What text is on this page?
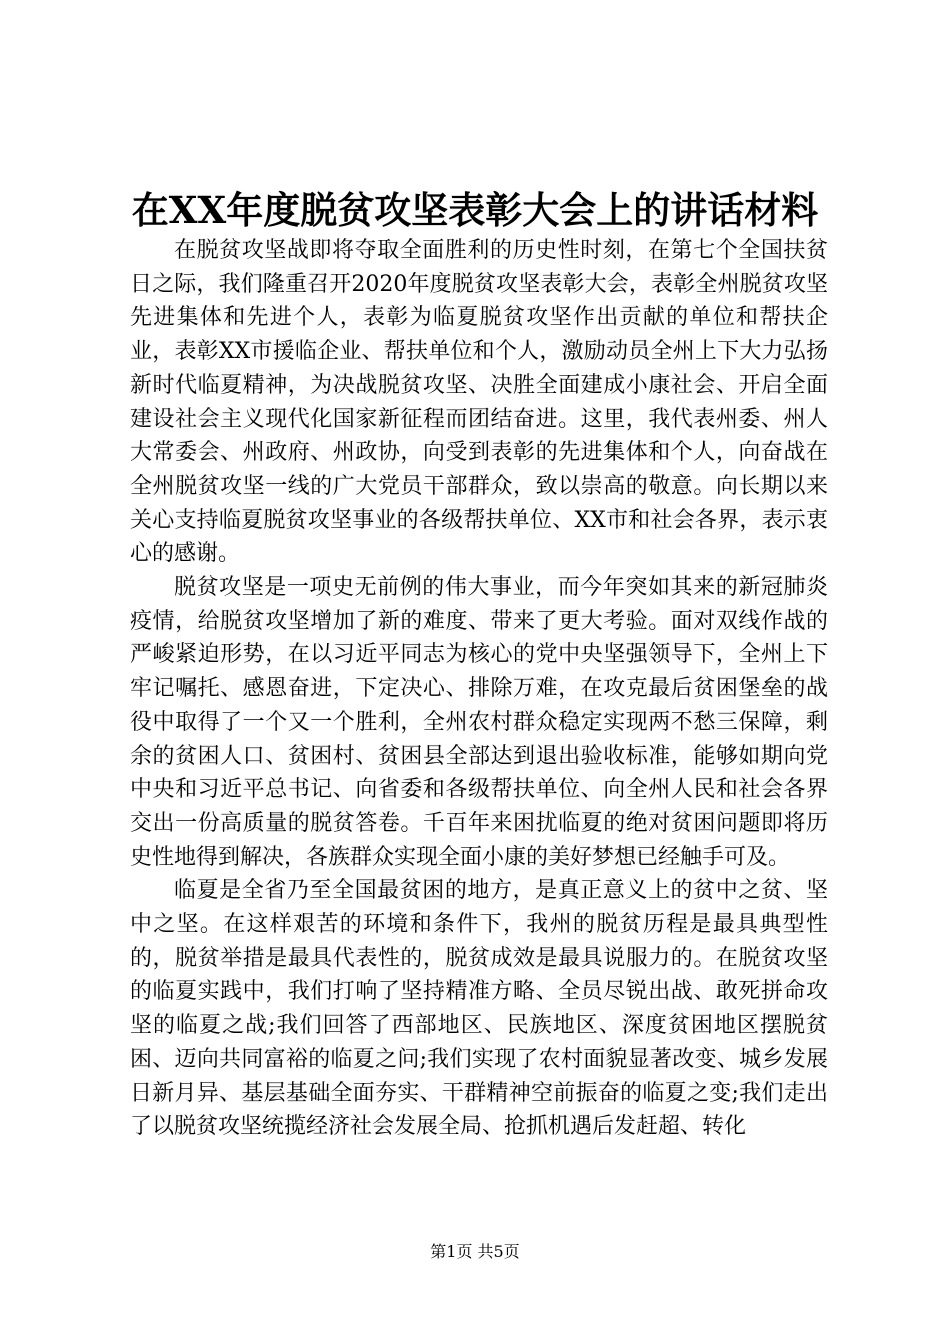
在XX年度脱贫攻坚表彰大会上的讲话材料

在脱贫攻坚战即将夺取全面胜利的历史性时刻，在第七个全国扶贫日之际，我们隆重召开2020年度脱贫攻坚表彰大会，表彰全州脱贫攻坚先进集体和先进个人，表彰为临夏脱贫攻坚作出贡献的单位和帮扶企业，表彰XX市援临企业、帮扶单位和个人，激励动员全州上下大力弘扬新时代临夏精神，为决战脱贫攻坚、决胜全面建成小康社会、开启全面建设社会主义现代化国家新征程而团结奋进。这里，我代表州委、州人大常委会、州政府、州政协，向受到表彰的先进集体和个人，向奋战在全州脱贫攻坚一线的广大党员干部群众，致以崇高的敬意。向长期以来关心支持临夏脱贫攻坚事业的各级帮扶单位、XX市和社会各界，表示衷心的感谢。

脱贫攻坚是一项史无前例的伟大事业，而今年突如其来的新冠肺炎疫情，给脱贫攻坚增加了新的难度、带来了更大考验。面对双线作战的严峻紧迫形势，在以习近平同志为核心的党中央坚强领导下，全州上下牢记嘱托、感恩奋进，下定决心、排除万难，在攻克最后贫困堡垒的战役中取得了一个又一个胜利，全州农村群众稳定实现两不愁三保障，剩余的贫困人口、贫困村、贫困县全部达到退出验收标准，能够如期向党中央和习近平总书记、向省委和各级帮扶单位、向全州人民和社会各界交出一份高质量的脱贫答卷。千百年来困扰临夏的绝对贫困问题即将历史性地得到解决，各族群众实现全面小康的美好梦想已经触手可及。

临夏是全省乃至全国最贫困的地方，是真正意义上的贫中之贫、坚中之坚。在这样艰苦的环境和条件下，我州的脱贫历程是最具典型性的，脱贫举措是最具代表性的，脱贫成效是最具说服力的。在脱贫攻坚的临夏实践中，我们打响了坚持精准方略、全员尽锐出战、敢死拼命攻坚的临夏之战;我们回答了西部地区、民族地区、深度贫困地区摆脱贫困、迈向共同富裕的临夏之问;我们实现了农村面貌显著改变、城乡发展日新月异、基层基础全面夯实、干群精神空前振奋的临夏之变;我们走出了以脱贫攻坚统揽经济社会发展全局、抢抓机遇后发赶超、转化

第1页 共5页
